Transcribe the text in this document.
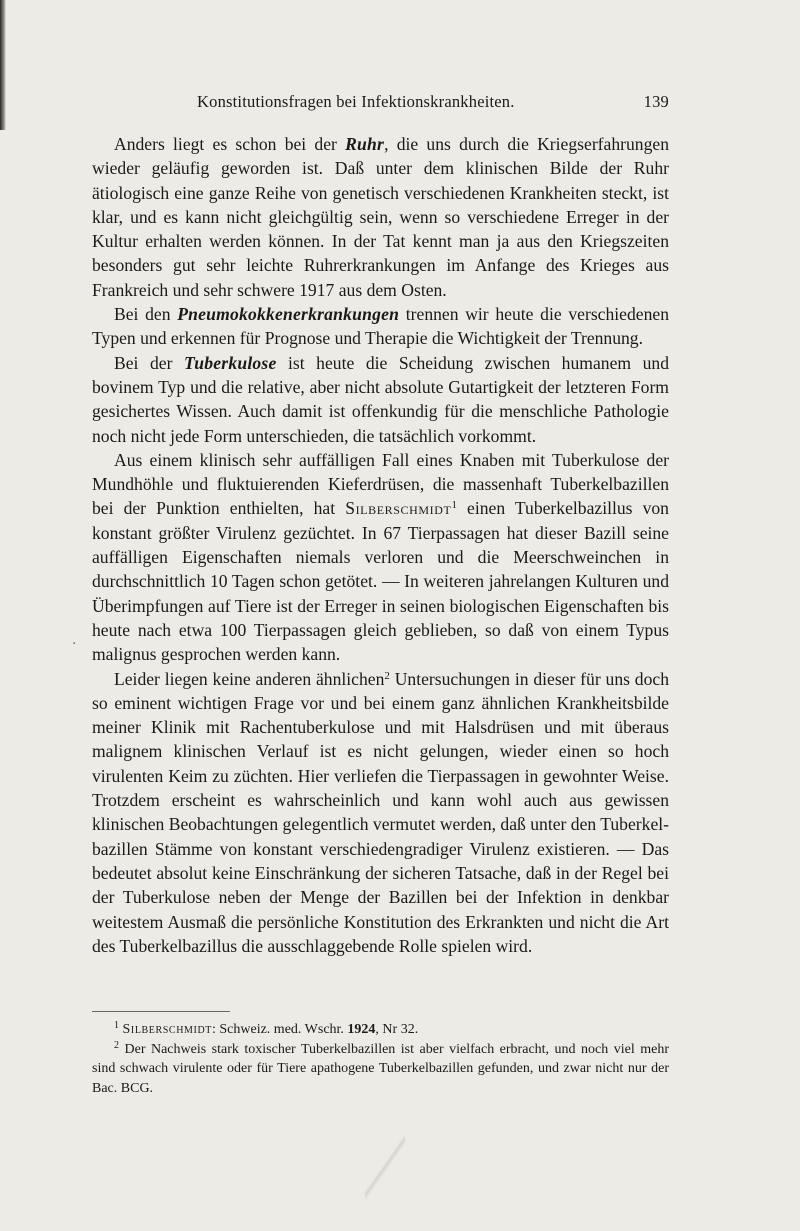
Konstitutionsfragen bei Infektionskrankheiten.	139

Anders liegt es schon bei der Ruhr, die uns durch die Kriegserfahrungen wieder geläufig geworden ist. Daß unter dem klinischen Bilde der Ruhr ätiologisch eine ganze Reihe von genetisch verschiedenen Krankheiten steckt, ist klar, und es kann nicht gleichgültig sein, wenn so verschiedene Erreger in der Kultur erhalten werden können. In der Tat kennt man ja aus den Kriegszeiten besonders gut sehr leichte Ruhrerkrankungen im Anfange des Krieges aus Frankreich und sehr schwere 1917 aus dem Osten.

Bei den Pneumokokkenerkrankungen trennen wir heute die verschiedenen Typen und erkennen für Prognose und Therapie die Wichtigkeit der Trennung.

Bei der Tuberkulose ist heute die Scheidung zwischen humanem und bovinem Typ und die relative, aber nicht absolute Gutartigkeit der letzteren Form gesichertes Wissen. Auch damit ist offenkundig für die menschliche Pathologie noch nicht jede Form unterschieden, die tatsächlich vorkommt.

Aus einem klinisch sehr auffälligen Fall eines Knaben mit Tuberkulose der Mundhöhle und fluktuierenden Kieferdrüsen, die massenhaft Tuberkelbazillen bei der Punktion enthielten, hat Silberschmidt$^1$ einen Tuberkelbazillus von konstant größter Virulenz gezüchtet. In 67 Tierpassagen hat dieser Bazill seine auffälligen Eigenschaften niemals verloren und die Meerschweinchen in durchschnittlich 10 Tagen schon getötet. — In weiteren jahrelangen Kulturen und Überimpfungen auf Tiere ist der Erreger in seinen biologischen Eigenschaften bis heute nach etwa 100 Tierpassagen gleich geblieben, so daß von einem Typus malignus gesprochen werden kann.

Leider liegen keine anderen ähnlichen$^2$ Untersuchungen in dieser für uns doch so eminent wichtigen Frage vor und bei einem ganz ähnlichen Krankheitsbilde meiner Klinik mit Rachentuberkulose und mit Halsdrüsen und mit überaus malignem klinischen Verlauf ist es nicht gelungen, wieder einen so hoch virulenten Keim zu züchten. Hier verliefen die Tierpassagen in gewohnter Weise. Trotzdem erscheint es wahrscheinlich und kann wohl auch aus gewissen klinischen Beobachtungen gelegentlich vermutet werden, daß unter den Tuberkelbazillen Stämme von konstant verschiedengradiger Virulenz existieren. — Das bedeutet absolut keine Einschränkung der sicheren Tatsache, daß in der Regel bei der Tuberkulose neben der Menge der Bazillen bei der Infektion in denkbar weitestem Ausmaß die persönliche Konstitution des Erkrankten und nicht die Art des Tuberkelbazillus die ausschlaggebende Rolle spielen wird.

·

$^1$ Silberschmidt: Schweiz. med. Wschr. 1924, Nr 32.

$^2$ Der Nachweis stark toxischer Tuberkelbazillen ist aber vielfach erbracht, und noch viel mehr sind schwach virulente oder für Tiere apathogene Tuberkelbazillen gefunden, und zwar nicht nur der Bac. BCG.
